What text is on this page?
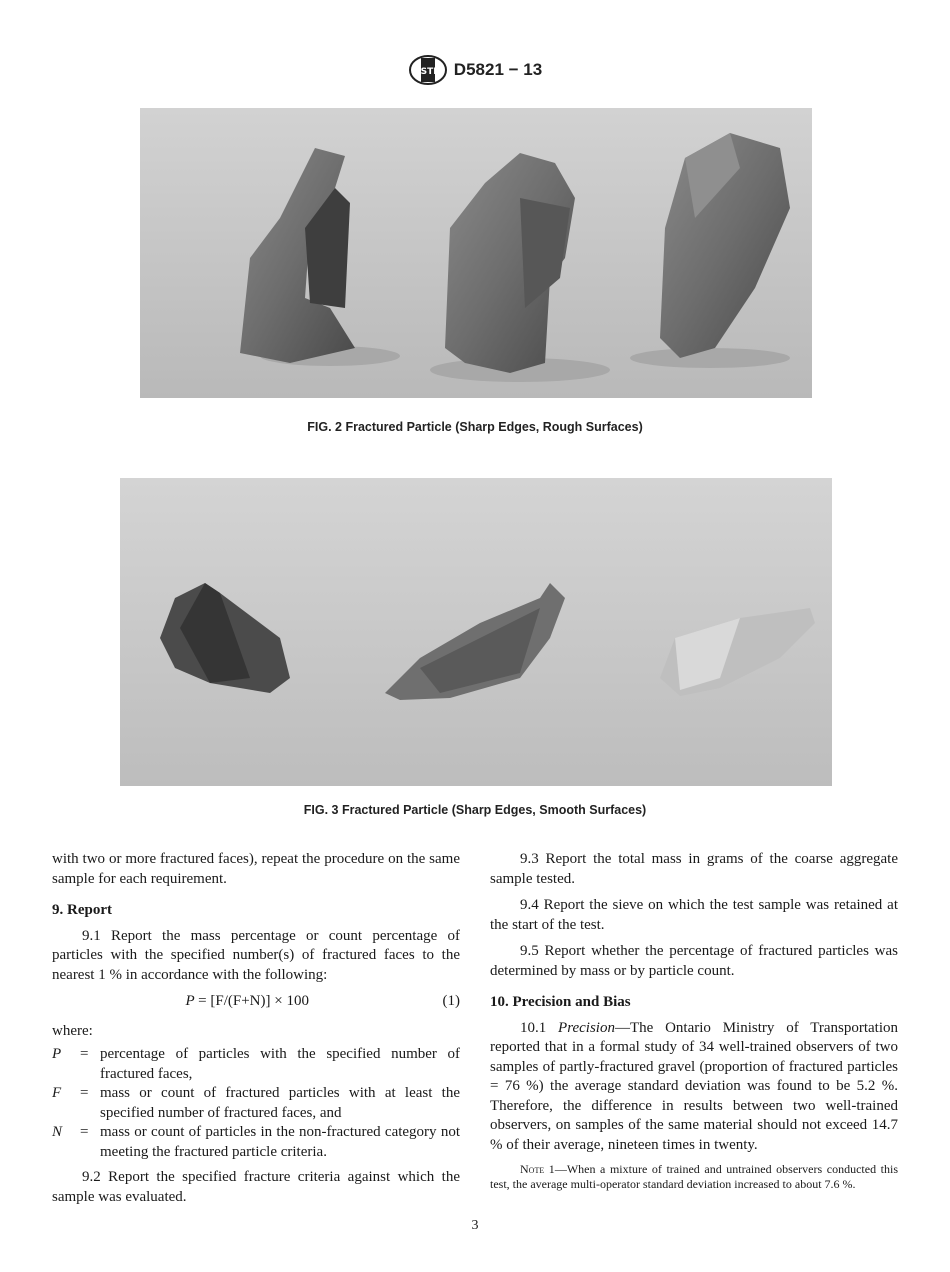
ASTM D5821 − 13
FIG. 2 Fractured Particle (Sharp Edges, Rough Surfaces)
FIG. 3 Fractured Particle (Sharp Edges, Smooth Surfaces)

with two or more fractured faces), repeat the procedure on the same sample for each requirement.

9. Report

9.1 Report the mass percentage or count percentage of particles with the specified number(s) of fractured faces to the nearest 1 % in accordance with the following:

P = [F/(F+N)] × 100	(1)

where:

P	= percentage of particles with the specified number of fractured faces,
F	= mass or count of fractured particles with at least the specified number of fractured faces, and
N	= mass or count of particles in the non-fractured category not meeting the fractured particle criteria.

9.2 Report the specified fracture criteria against which the sample was evaluated.

9.3 Report the total mass in grams of the coarse aggregate sample tested.

9.4 Report the sieve on which the test sample was retained at the start of the test.

9.5 Report whether the percentage of fractured particles was determined by mass or by particle count.

10. Precision and Bias

10.1 Precision—The Ontario Ministry of Transportation reported that in a formal study of 34 well-trained observers of two samples of partly-fractured gravel (proportion of fractured particles = 76 %) the average standard deviation was found to be 5.2 %. Therefore, the difference in results between two well-trained observers, on samples of the same material should not exceed 14.7 % of their average, nineteen times in twenty.

Note 1—When a mixture of trained and untrained observers conducted this test, the average multi-operator standard deviation increased to about 7.6 %.

3
